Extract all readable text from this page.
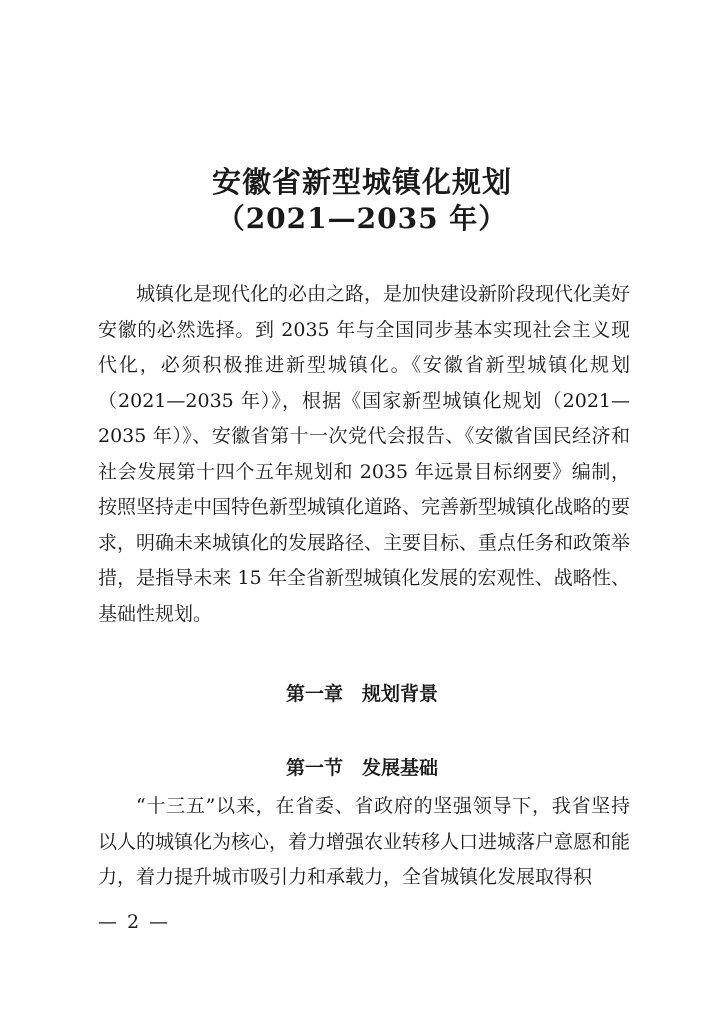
安徽省新型城镇化规划
（2021—2035 年）

城镇化是现代化的必由之路，是加快建设新阶段现代化美好安徽的必然选择。到 2035 年与全国同步基本实现社会主义现代化，必须积极推进新型城镇化。《安徽省新型城镇化规划（2021—2035 年）》，根据《国家新型城镇化规划（2021—2035 年）》、安徽省第十一次党代会报告、《安徽省国民经济和社会发展第十四个五年规划和 2035 年远景目标纲要》编制，按照坚持走中国特色新型城镇化道路、完善新型城镇化战略的要求，明确未来城镇化的发展路径、主要目标、重点任务和政策举措，是指导未来 15 年全省新型城镇化发展的宏观性、战略性、基础性规划。

第一章　规划背景
第一节　发展基础

“十三五”以来，在省委、省政府的坚强领导下，我省坚持以人的城镇化为核心，着力增强农业转移人口进城落户意愿和能力，着力提升城市吸引力和承载力，全省城镇化发展取得积

— 2 —
